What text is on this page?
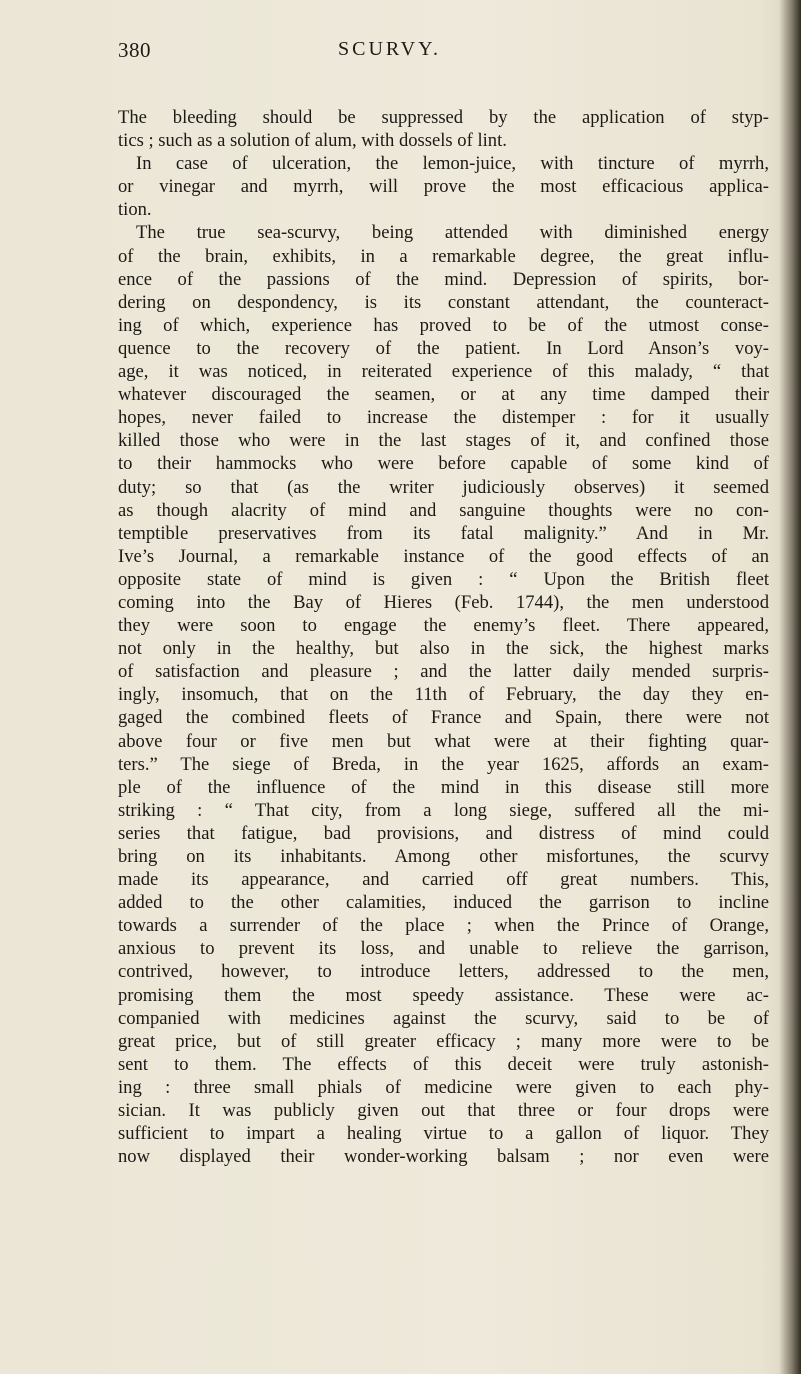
380	SCURVY.
The bleeding should be suppressed by the application of styp-
tics ; such as a solution of alum, with dossels of lint.
In case of ulceration, the lemon-juice, with tincture of myrrh,
or vinegar and myrrh, will prove the most efficacious applica-
tion.
The true sea-scurvy, being attended with diminished energy
of the brain, exhibits, in a remarkable degree, the great influ-
ence of the passions of the mind. Depression of spirits, bor-
dering on despondency, is its constant attendant, the counteract-
ing of which, experience has proved to be of the utmost conse-
quence to the recovery of the patient. In Lord Anson’s voy-
age, it was noticed, in reiterated experience of this malady, “ that
whatever discouraged the seamen, or at any time damped their
hopes, never failed to increase the distemper : for it usually
killed those who were in the last stages of it, and confined those
to their hammocks who were before capable of some kind of
duty; so that (as the writer judiciously observes) it seemed
as though alacrity of mind and sanguine thoughts were no con-
temptible preservatives from its fatal malignity.” And in Mr.
Ive’s Journal, a remarkable instance of the good effects of an
opposite state of mind is given : “ Upon the British fleet
coming into the Bay of Hieres (Feb. 1744), the men understood
they were soon to engage the enemy’s fleet. There appeared,
not only in the healthy, but also in the sick, the highest marks
of satisfaction and pleasure ; and the latter daily mended surpris-
ingly, insomuch, that on the 11th of February, the day they en-
gaged the combined fleets of France and Spain, there were not
above four or five men but what were at their fighting quar-
ters.” The siege of Breda, in the year 1625, affords an exam-
ple of the influence of the mind in this disease still more
striking : “ That city, from a long siege, suffered all the mi-
series that fatigue, bad provisions, and distress of mind could
bring on its inhabitants. Among other misfortunes, the scurvy
made its appearance, and carried off great numbers. This,
added to the other calamities, induced the garrison to incline
towards a surrender of the place ; when the Prince of Orange,
anxious to prevent its loss, and unable to relieve the garrison,
contrived, however, to introduce letters, addressed to the men,
promising them the most speedy assistance. These were ac-
companied with medicines against the scurvy, said to be of
great price, but of still greater efficacy ; many more were to be
sent to them. The effects of this deceit were truly astonish-
ing : three small phials of medicine were given to each phy-
sician. It was publicly given out that three or four drops were
sufficient to impart a healing virtue to a gallon of liquor. They
now displayed their wonder-working balsam ; nor even were
